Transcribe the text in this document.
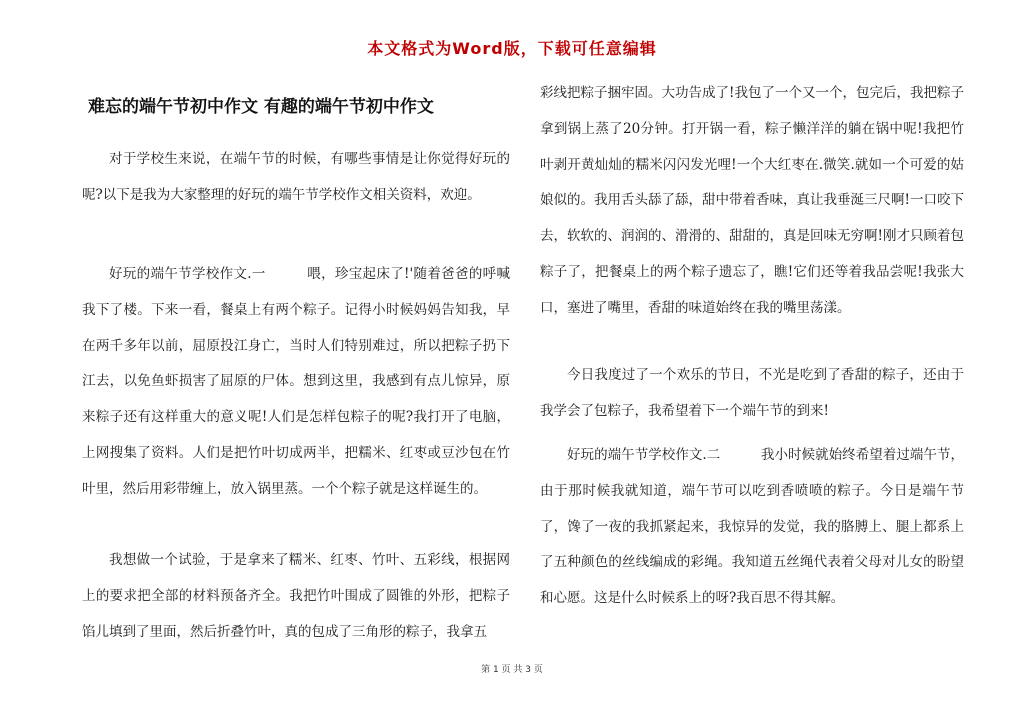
本文格式为Word版，下载可任意编辑
难忘的端午节初中作文 有趣的端午节初中作文

对于学校生来说，在端午节的时候，有哪些事情是让你觉得好玩的呢?以下是我为大家整理的好玩的端午节学校作文相关资料，欢迎。

好玩的端午节学校作文.一　　　喂，珍宝起床了!'随着爸爸的呼喊我下了楼。下来一看，餐桌上有两个粽子。记得小时候妈妈告知我，早在两千多年以前，屈原投江身亡，当时人们特别难过，所以把粽子扔下江去，以免鱼虾损害了屈原的尸体。想到这里，我感到有点儿惊异，原来粽子还有这样重大的意义呢!人们是怎样包粽子的呢?我打开了电脑，上网搜集了资料。人们是把竹叶切成两半，把糯米、红枣或豆沙包在竹叶里，然后用彩带缠上，放入锅里蒸。一个个粽子就是这样诞生的。

我想做一个试验，于是拿来了糯米、红枣、竹叶、五彩线，根据网上的要求把全部的材料预备齐全。我把竹叶围成了圆锥的外形，把粽子馅儿填到了里面，然后折叠竹叶，真的包成了三角形的粽子，我拿五

彩线把粽子捆牢固。大功告成了!我包了一个又一个，包完后，我把粽子拿到锅上蒸了20分钟。打开锅一看，粽子懒洋洋的躺在锅中呢!我把竹叶剥开黄灿灿的糯米闪闪发光哩!一个大红枣在.微笑.就如一个可爱的姑娘似的。我用舌头舔了舔，甜中带着香味，真让我垂涎三尺啊!一口咬下去，软软的、润润的、滑滑的、甜甜的，真是回味无穷啊!刚才只顾着包粽子了，把餐桌上的两个粽子遗忘了，瞧!它们还等着我品尝呢!我张大口，塞进了嘴里，香甜的味道始终在我的嘴里荡漾。

今日我度过了一个欢乐的节日，不光是吃到了香甜的粽子，还由于我学会了包粽子，我希望着下一个端午节的到来!

好玩的端午节学校作文.二　　　我小时候就始终希望着过端午节，由于那时候我就知道，端午节可以吃到香喷喷的粽子。今日是端午节了，馋了一夜的我抓紧起来，我惊异的发觉，我的胳膊上、腿上都系上了五种颜色的丝线编成的彩绳。我知道五丝绳代表着父母对儿女的盼望和心愿。这是什么时候系上的呀?我百思不得其解。

第 1 页 共 3 页
